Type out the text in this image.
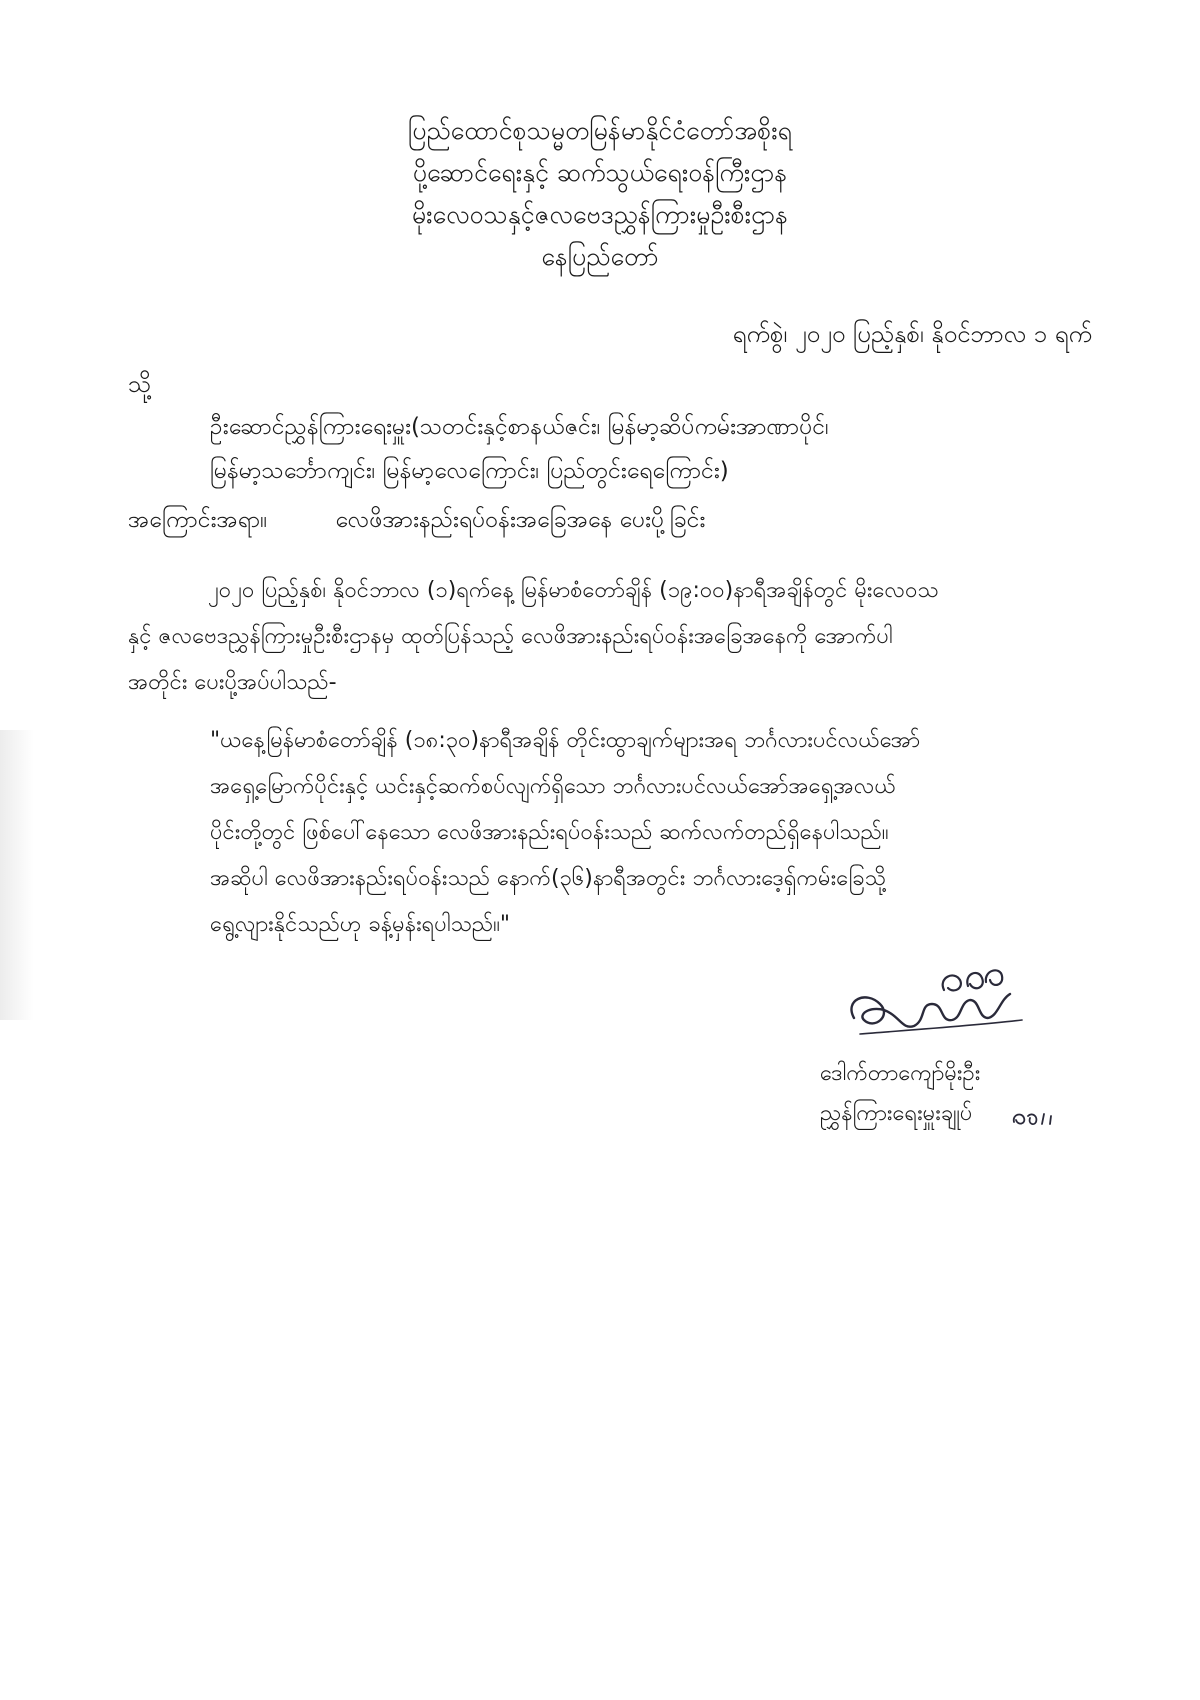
ပြည်ထောင်စုသမ္မတမြန်မာနိုင်ငံတော်အစိုးရ
ပို့ဆောင်ရေးနှင့် ဆက်သွယ်ရေးဝန်ကြီးဌာန
မိုးလေဝသနှင့်ဇလဗေဒညွှန်ကြားမှုဦးစီးဌာန
နေပြည်တော်
ရက်စွဲ၊ ၂၀၂၀ ပြည့်နှစ်၊ နိုဝင်ဘာလ ၁ ရက်
သို့
ဦးဆောင်ညွှန်ကြားရေးမှူး(သတင်းနှင့်စာနယ်ဇင်း၊ မြန်မာ့ဆိပ်ကမ်းအာဏာပိုင်၊
မြန်မာ့သင်္ဘောကျင်း၊ မြန်မာ့လေကြောင်း၊ ပြည်တွင်းရေကြောင်း)
အကြောင်းအရာ။	လေဖိအားနည်းရပ်ဝန်းအခြေအနေ ပေးပို့ခြင်း
၂၀၂၀ ပြည့်နှစ်၊ နိုဝင်ဘာလ (၁)ရက်နေ့ မြန်မာစံတော်ချိန် (၁၉:၀၀)နာရီအချိန်တွင် မိုးလေဝသ
နှင့် ဇလဗေဒညွှန်ကြားမှုဦးစီးဌာနမှ ထုတ်ပြန်သည့် လေဖိအားနည်းရပ်ဝန်းအခြေအနေကို အောက်ပါ
အတိုင်း ပေးပို့အပ်ပါသည်-
"ယနေ့မြန်မာစံတော်ချိန် (၁၈:၃၀)နာရီအချိန် တိုင်းထွာချက်များအရ ဘင်္ဂလားပင်လယ်အော်
အရှေ့မြောက်ပိုင်းနှင့် ယင်းနှင့်ဆက်စပ်လျက်ရှိသော ဘင်္ဂလားပင်လယ်အော်အရှေ့အလယ်
ပိုင်းတို့တွင် ဖြစ်ပေါ်နေသော လေဖိအားနည်းရပ်ဝန်းသည် ဆက်လက်တည်ရှိနေပါသည်။
အဆိုပါ လေဖိအားနည်းရပ်ဝန်းသည် နောက်(၃၆)နာရီအတွင်း ဘင်္ဂလားဒေ့ရှ်ကမ်းခြေသို့
ရွေ့လျားနိုင်သည်ဟု ခန့်မှန်းရပါသည်။"
ဒေါက်တာကျော်မိုးဦး
ညွှန်ကြားရေးမှူးချုပ်
